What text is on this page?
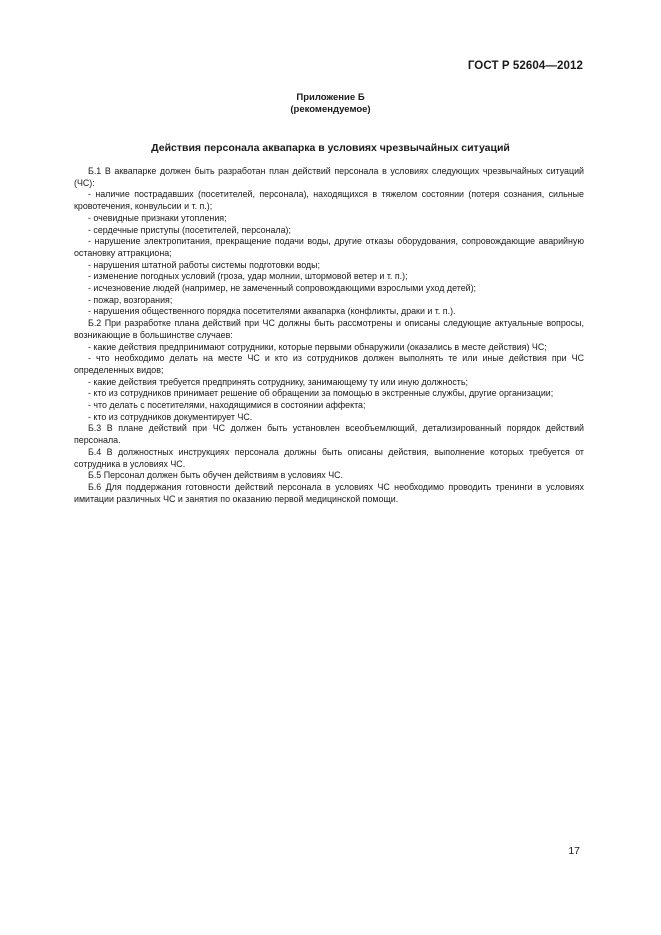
ГОСТ Р 52604—2012
Приложение Б
(рекомендуемое)
Действия персонала аквапарка в условиях чрезвычайных ситуаций

Б.1 В аквапарке должен быть разработан план действий персонала в условиях следующих чрезвычайных ситуаций (ЧС):

- наличие пострадавших (посетителей, персонала), находящихся в тяжелом состоянии (потеря сознания, сильные кровотечения, конвульсии и т. п.);

- очевидные признаки утопления;

- сердечные приступы (посетителей, персонала);

- нарушение электропитания, прекращение подачи воды, другие отказы оборудования, сопровождающие аварийную остановку аттракциона;

- нарушения штатной работы системы подготовки воды;

- изменение погодных условий (гроза, удар молнии, штормовой ветер и т. п.);

- исчезновение людей (например, не замеченный сопровождающими взрослыми уход детей);

- пожар, возгорания;

- нарушения общественного порядка посетителями аквапарка (конфликты, драки и т. п.).

Б.2 При разработке плана действий при ЧС должны быть рассмотрены и описаны следующие актуальные вопросы, возникающие в большинстве случаев:

- какие действия предпринимают сотрудники, которые первыми обнаружили (оказались в месте действия) ЧС;

- что необходимо делать на месте ЧС и кто из сотрудников должен выполнять те или иные действия при ЧС определенных видов;

- какие действия требуется предпринять сотруднику, занимающему ту или иную должность;

- кто из сотрудников принимает решение об обращении за помощью в экстренные службы, другие организации;

- что делать с посетителями, находящимися в состоянии аффекта;

- кто из сотрудников документирует ЧС.

Б.3 В плане действий при ЧС должен быть установлен всеобъемлющий, детализированный порядок действий персонала.

Б.4 В должностных инструкциях персонала должны быть описаны действия, выполнение которых требуется от сотрудника в условиях ЧС.

Б.5 Персонал должен быть обучен действиям в условиях ЧС.

Б.6 Для поддержания готовности действий персонала в условиях ЧС необходимо проводить тренинги в условиях имитации различных ЧС и занятия по оказанию первой медицинской помощи.

17
